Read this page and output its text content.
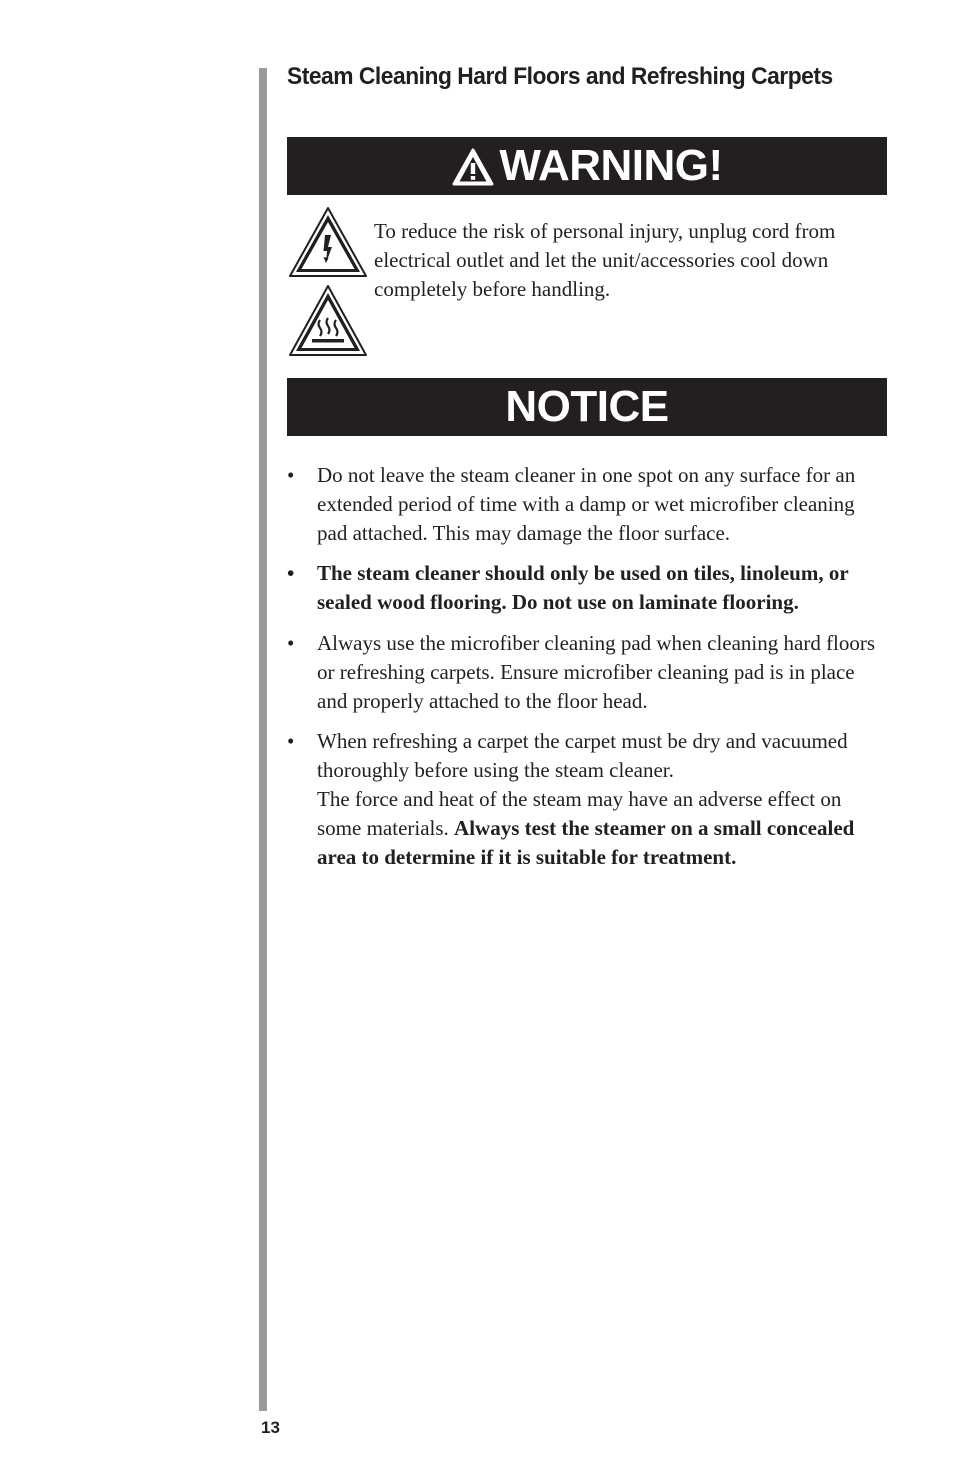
Steam Cleaning Hard Floors and Refreshing Carpets
WARNING!

To reduce the risk of personal injury, unplug cord from electrical outlet and let the unit/accessories cool down completely before handling.

NOTICE
• Do not leave the steam cleaner in one spot on any surface for an extended period of time with a damp or wet microfiber cleaning pad attached. This may damage the floor surface.
• The steam cleaner should only be used on tiles, linoleum, or sealed wood flooring. Do not use on laminate flooring.
• Always use the microfiber cleaning pad when cleaning hard floors or refreshing carpets. Ensure microfiber cleaning pad is in place and properly attached to the floor head.
• When refreshing a carpet the carpet must be dry and vacuumed thoroughly before using the steam cleaner.
The force and heat of the steam may have an adverse effect on some materials. Always test the steamer on a small concealed area to determine if it is suitable for treatment.
13
